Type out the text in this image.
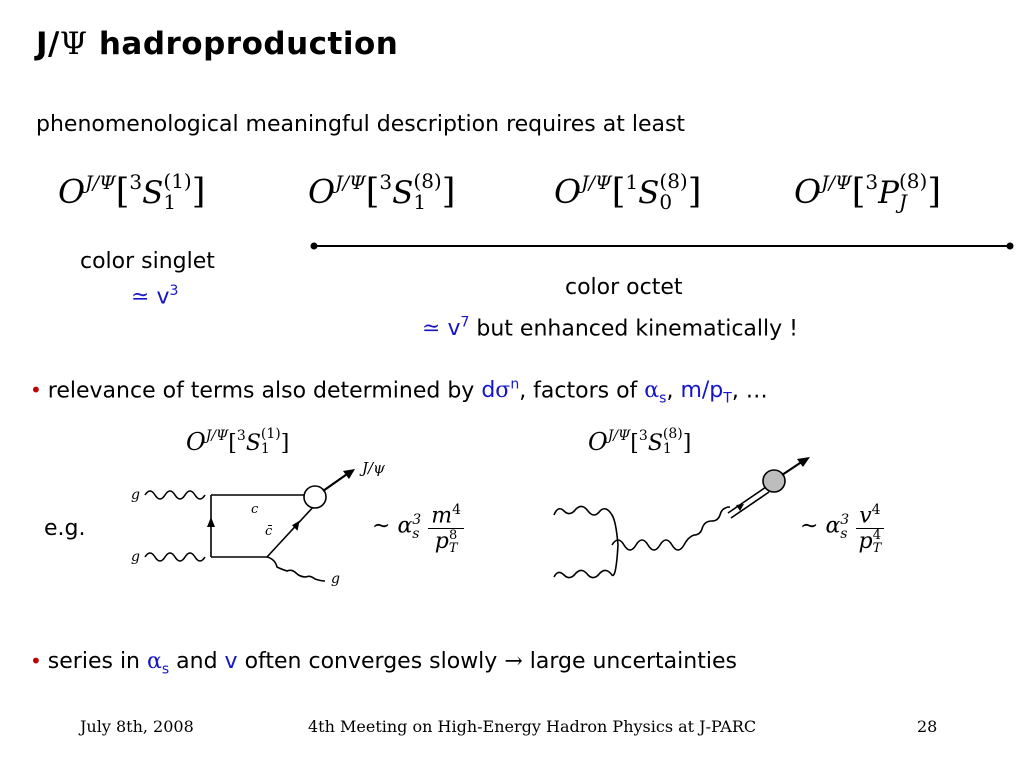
J/Ψ hadroproduction
phenomenological meaningful description requires at least
$O^{J/\Psi}[^3S$ (1)
1 ]	$O^{J/\Psi}[^3S$ (8)
1 ]	$O^{J/\Psi}[^1S$ (8)
0 ]	$O^{J/\Psi}[^3P$ (8)
J ]
color singlet
≃ $v^3$	color octet
≃ $v^7$ but enhanced kinematically !
• relevance of terms also determined by $d\sigma^n$, factors of $\alpha_s$, $m/p_T$, …
e.g.
$O^{J/\Psi}[^3S$ (1)
1 ]
g
g
g
c
c̄
J/ψ
∼ α 3
s
$m^4$
p 8
T
$O^{J/\Psi}[^3S$ (8)
1 ]
∼ α 3
s
$v^4$
p 4
T
• series in $\alpha_s$ and v often converges slowly → large uncertainties
July 8th, 2008	4th Meeting on High-Energy Hadron Physics at J-PARC	28
